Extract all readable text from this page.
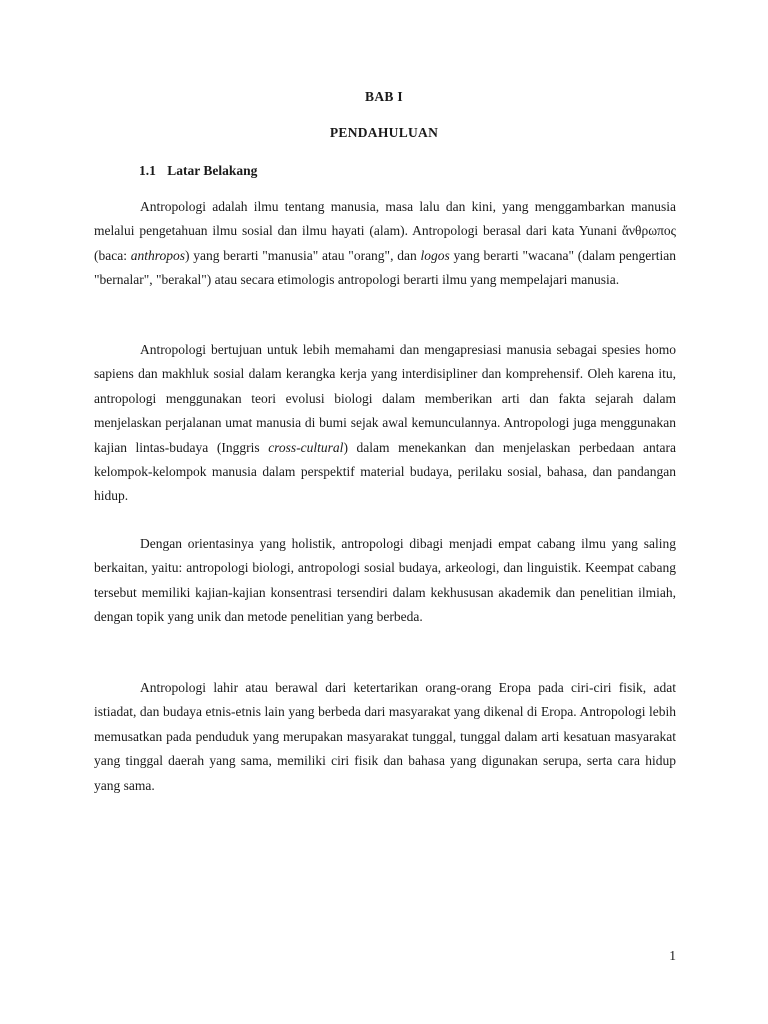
BAB I
PENDAHULUAN
1.1 Latar Belakang

Antropologi adalah ilmu tentang manusia, masa lalu dan kini, yang menggambarkan manusia melalui pengetahuan ilmu sosial dan ilmu hayati (alam). Antropologi berasal dari kata Yunani ἄνθρωπος (baca: anthropos) yang berarti "manusia" atau "orang", dan logos yang berarti "wacana" (dalam pengertian "bernalar", "berakal") atau secara etimologis antropologi berarti ilmu yang mempelajari manusia.

Antropologi bertujuan untuk lebih memahami dan mengapresiasi manusia sebagai spesies homo sapiens dan makhluk sosial dalam kerangka kerja yang interdisipliner dan komprehensif. Oleh karena itu, antropologi menggunakan teori evolusi biologi dalam memberikan arti dan fakta sejarah dalam menjelaskan perjalanan umat manusia di bumi sejak awal kemunculannya. Antropologi juga menggunakan kajian lintas-budaya (Inggris cross-cultural) dalam menekankan dan menjelaskan perbedaan antara kelompok-kelompok manusia dalam perspektif material budaya, perilaku sosial, bahasa, dan pandangan hidup.

Dengan orientasinya yang holistik, antropologi dibagi menjadi empat cabang ilmu yang saling berkaitan, yaitu: antropologi biologi, antropologi sosial budaya, arkeologi, dan linguistik. Keempat cabang tersebut memiliki kajian-kajian konsentrasi tersendiri dalam kekhususan akademik dan penelitian ilmiah, dengan topik yang unik dan metode penelitian yang berbeda.

Antropologi lahir atau berawal dari ketertarikan orang-orang Eropa pada ciri-ciri fisik, adat istiadat, dan budaya etnis-etnis lain yang berbeda dari masyarakat yang dikenal di Eropa. Antropologi lebih memusatkan pada penduduk yang merupakan masyarakat tunggal, tunggal dalam arti kesatuan masyarakat yang tinggal daerah yang sama, memiliki ciri fisik dan bahasa yang digunakan serupa, serta cara hidup yang sama.

1
